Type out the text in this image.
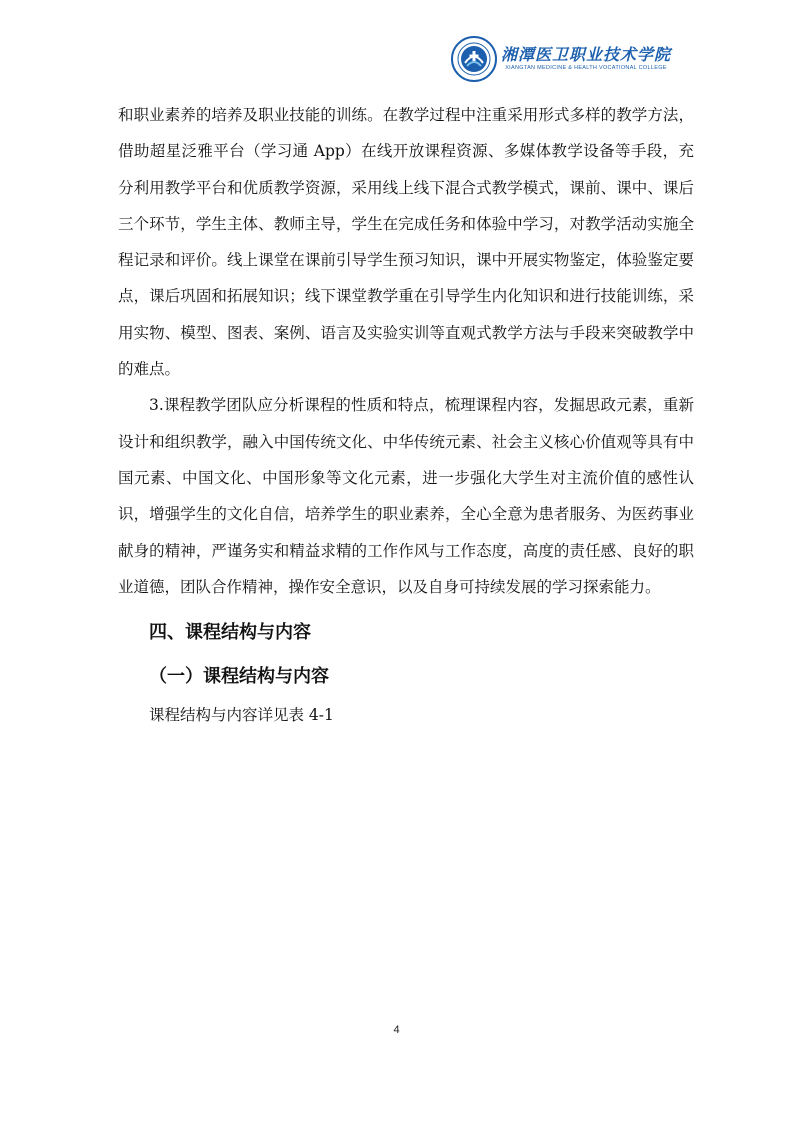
湘潭医卫职业技术学院
XIANGTAN MEDICINE & HEALTH VOCATIONAL COLLEGE

和职业素养的培养及职业技能的训练。在教学过程中注重采用形式多样的教学方法，借助超星泛雅平台（学习通 App）在线开放课程资源、多媒体教学设备等手段，充分利用教学平台和优质教学资源，采用线上线下混合式教学模式，课前、课中、课后三个环节，学生主体、教师主导，学生在完成任务和体验中学习，对教学活动实施全程记录和评价。线上课堂在课前引导学生预习知识，课中开展实物鉴定，体验鉴定要点，课后巩固和拓展知识；线下课堂教学重在引导学生内化知识和进行技能训练，采用实物、模型、图表、案例、语言及实验实训等直观式教学方法与手段来突破教学中的难点。

3.课程教学团队应分析课程的性质和特点，梳理课程内容，发掘思政元素，重新设计和组织教学，融入中国传统文化、中华传统元素、社会主义核心价值观等具有中国元素、中国文化、中国形象等文化元素，进一步强化大学生对主流价值的感性认识，增强学生的文化自信，培养学生的职业素养，全心全意为患者服务、为医药事业献身的精神，严谨务实和精益求精的工作作风与工作态度，高度的责任感、良好的职业道德，团队合作精神，操作安全意识，以及自身可持续发展的学习探索能力。

四、课程结构与内容
（一）课程结构与内容
课程结构与内容详见表 4-1
4
